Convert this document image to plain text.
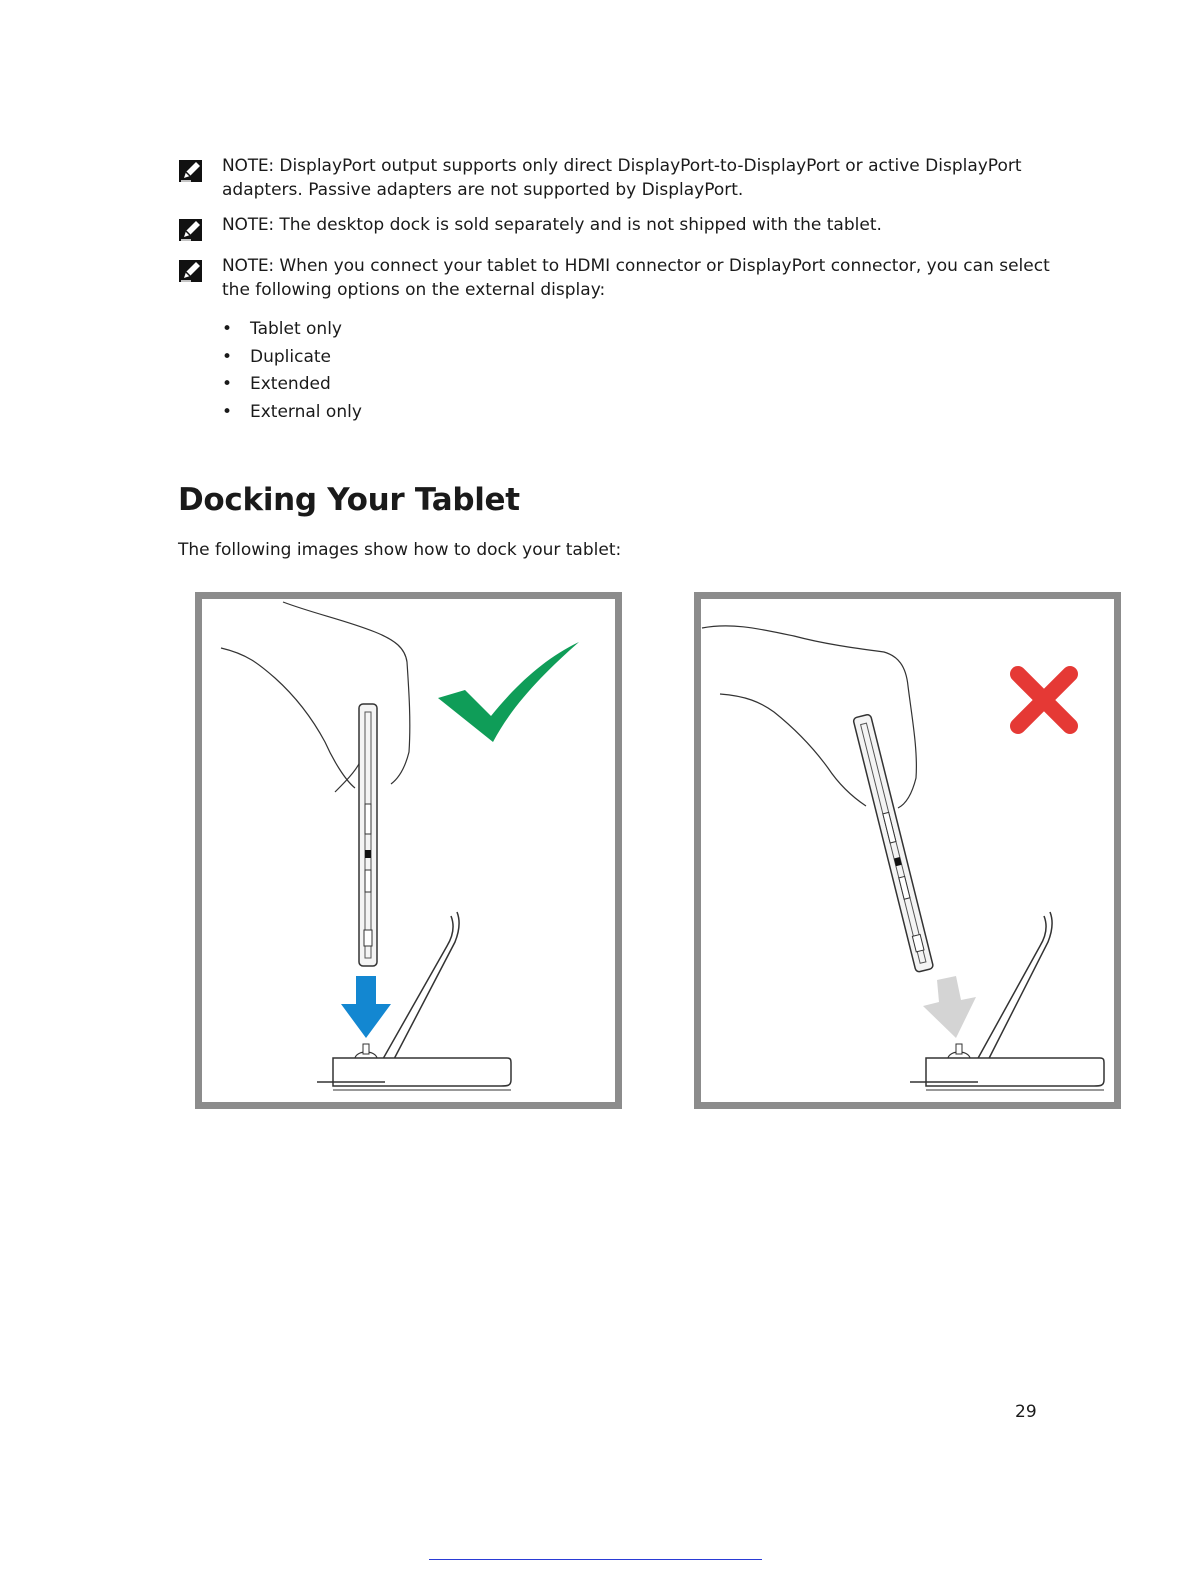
NOTE: DisplayPort output supports only direct DisplayPort-to-DisplayPort or active DisplayPort adapters. Passive adapters are not supported by DisplayPort.
NOTE: The desktop dock is sold separately and is not shipped with the tablet.
NOTE: When you connect your tablet to HDMI connector or DisplayPort connector, you can select the following options on the external display:
• Tablet only
• Duplicate
• Extended
• External only
Docking Your Tablet
The following images show how to dock your tablet:
29
